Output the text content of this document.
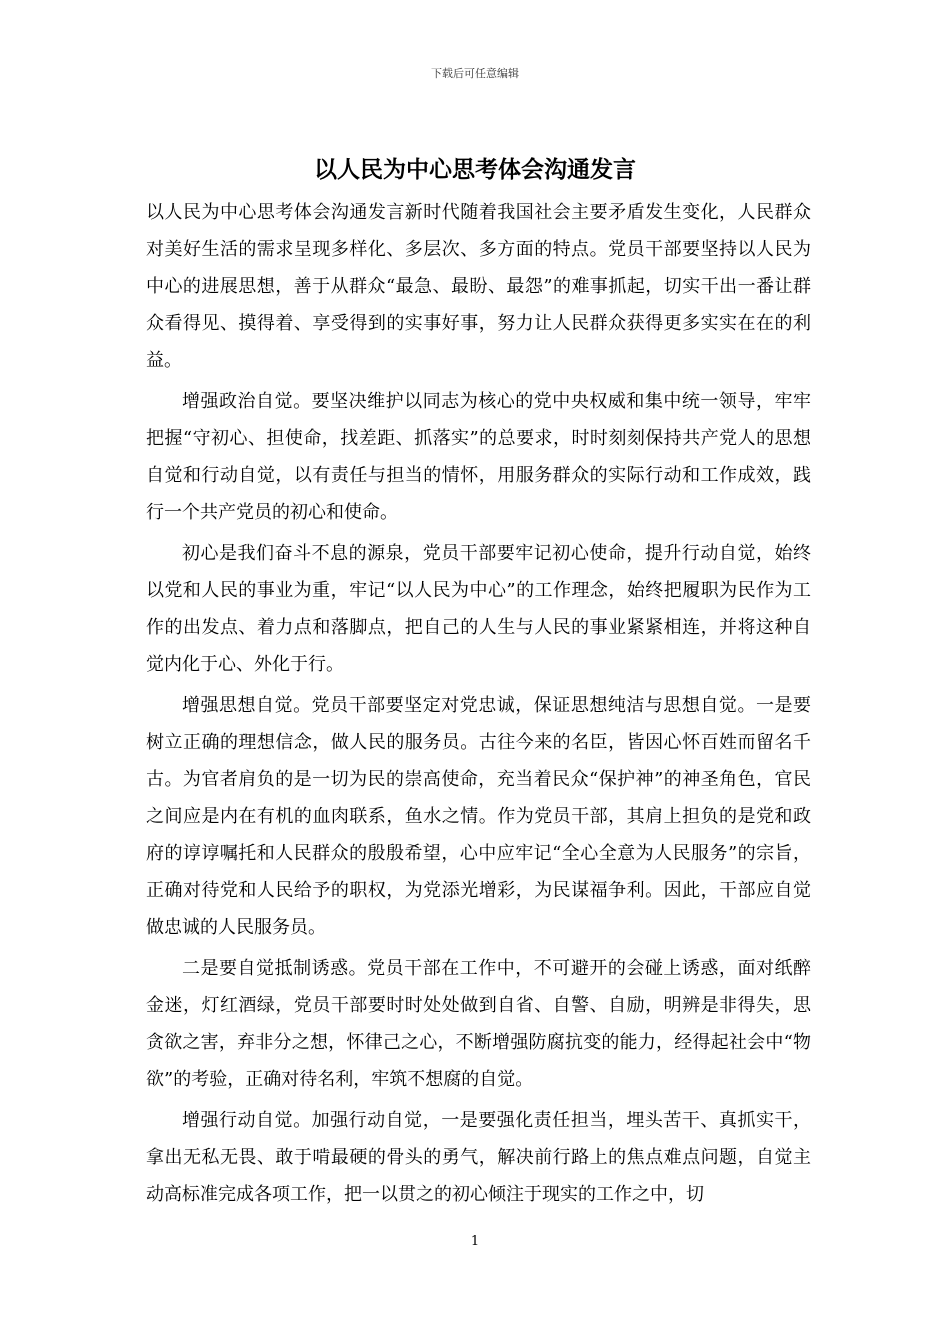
下载后可任意编辑
以人民为中心思考体会沟通发言

以人民为中心思考体会沟通发言新时代随着我国社会主要矛盾发生变化，人民群众对美好生活的需求呈现多样化、多层次、多方面的特点。党员干部要坚持以人民为中心的进展思想，善于从群众“最急、最盼、最怨”的难事抓起，切实干出一番让群众看得见、摸得着、享受得到的实事好事，努力让人民群众获得更多实实在在的利益。

增强政治自觉。要坚决维护以同志为核心的党中央权威和集中统一领导，牢牢把握“守初心、担使命，找差距、抓落实”的总要求，时时刻刻保持共产党人的思想自觉和行动自觉，以有责任与担当的情怀，用服务群众的实际行动和工作成效，践行一个共产党员的初心和使命。

初心是我们奋斗不息的源泉，党员干部要牢记初心使命，提升行动自觉，始终以党和人民的事业为重，牢记“以人民为中心”的工作理念，始终把履职为民作为工作的出发点、着力点和落脚点，把自己的人生与人民的事业紧紧相连，并将这种自觉内化于心、外化于行。

增强思想自觉。党员干部要坚定对党忠诚，保证思想纯洁与思想自觉。一是要树立正确的理想信念，做人民的服务员。古往今来的名臣，皆因心怀百姓而留名千古。为官者肩负的是一切为民的崇高使命，充当着民众“保护神”的神圣角色，官民之间应是内在有机的血肉联系，鱼水之情。作为党员干部，其肩上担负的是党和政府的谆谆嘱托和人民群众的殷殷希望，心中应牢记“全心全意为人民服务”的宗旨，正确对待党和人民给予的职权，为党添光增彩，为民谋福争利。因此，干部应自觉做忠诚的人民服务员。

二是要自觉抵制诱惑。党员干部在工作中，不可避开的会碰上诱惑，面对纸醉金迷，灯红酒绿，党员干部要时时处处做到自省、自警、自励，明辨是非得失，思贪欲之害，弃非分之想，怀律己之心，不断增强防腐抗变的能力，经得起社会中“物欲”的考验，正确对待名利，牢筑不想腐的自觉。

增强行动自觉。加强行动自觉，一是要强化责任担当，埋头苦干、真抓实干，拿出无私无畏、敢于啃最硬的骨头的勇气，解决前行路上的焦点难点问题，自觉主动高标准完成各项工作，把一以贯之的初心倾注于现实的工作之中，切

1
